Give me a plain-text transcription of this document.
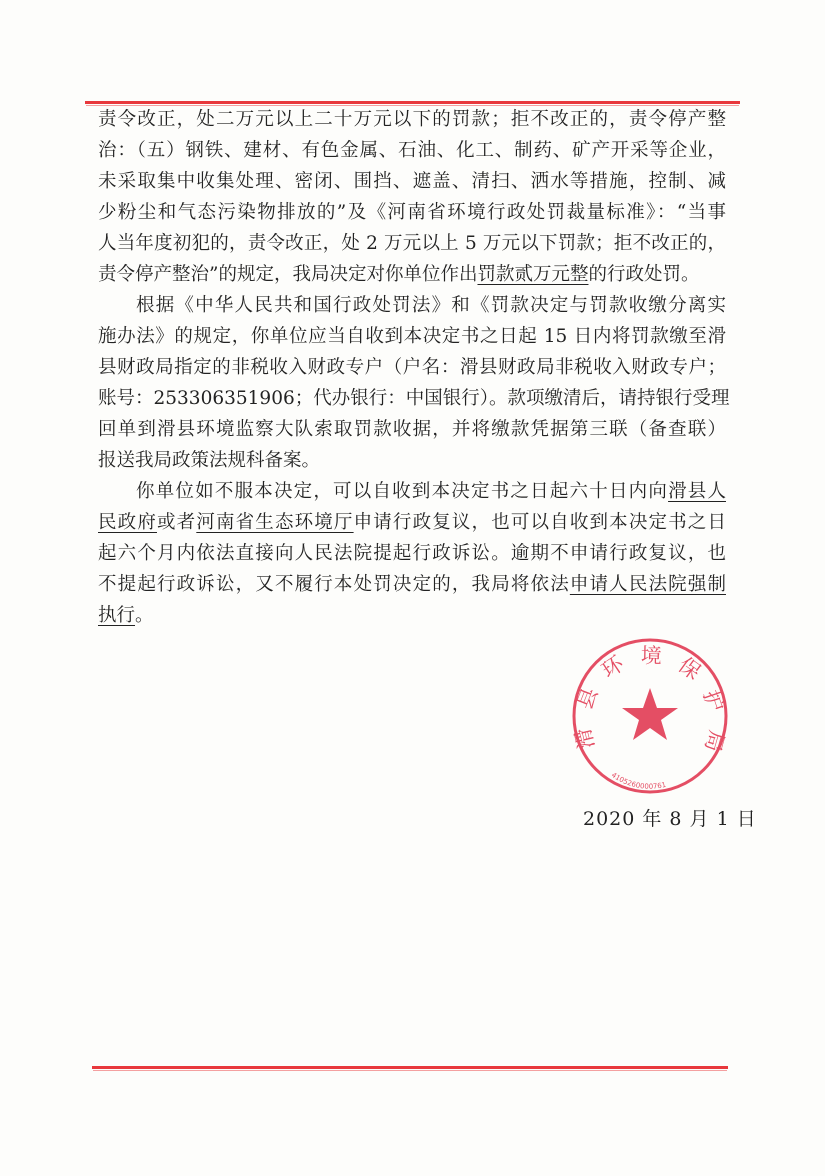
责令改正，处二万元以上二十万元以下的罚款；拒不改正的，责令停产整
治：（五）钢铁、建材、有色金属、石油、化工、制药、矿产开采等企业，
未采取集中收集处理、密闭、围挡、遮盖、清扫、洒水等措施，控制、减
少粉尘和气态污染物排放的”及《河南省环境行政处罚裁量标准》：“当事
人当年度初犯的，责令改正，处 2 万元以上 5 万元以下罚款；拒不改正的，
责令停产整治”的规定，我局决定对你单位作出罚款贰万元整的行政处罚。
根据《中华人民共和国行政处罚法》和《罚款决定与罚款收缴分离实
施办法》的规定，你单位应当自收到本决定书之日起 15 日内将罚款缴至滑
县财政局指定的非税收入财政专户（户名：滑县财政局非税收入财政专户；
账号：253306351906；代办银行：中国银行）。款项缴清后，请持银行受理
回单到滑县环境监察大队索取罚款收据，并将缴款凭据第三联（备查联）
报送我局政策法规科备案。
你单位如不服本决定，可以自收到本决定书之日起六十日内向滑县人
民政府或者河南省生态环境厅申请行政复议，也可以自收到本决定书之日
起六个月内依法直接向人民法院提起行政诉讼。逾期不申请行政复议，也
不提起行政诉讼，又不履行本处罚决定的，我局将依法申请人民法院强制
执行。
滑县环境保护局
4105260000761
2020 年 8 月 1 日
